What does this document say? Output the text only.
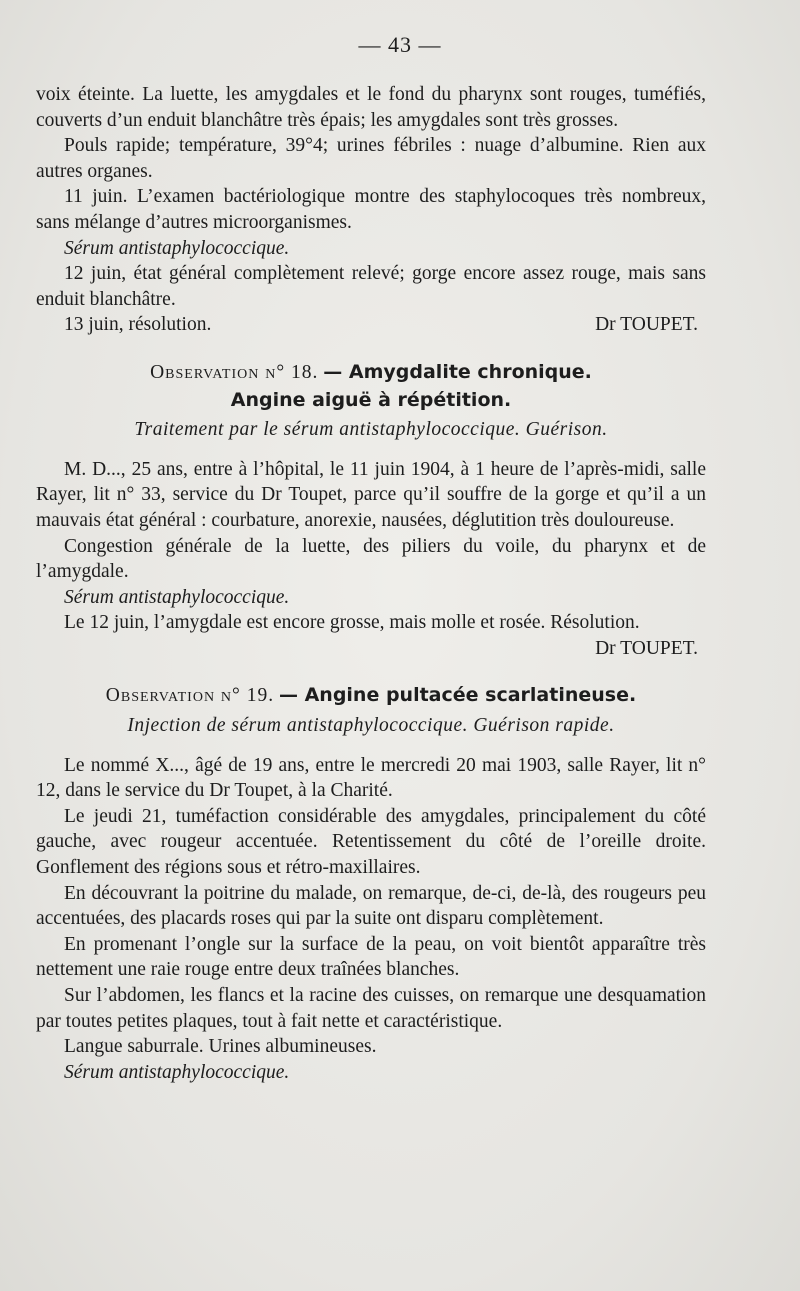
— 43 —

voix éteinte. La luette, les amygdales et le fond du pharynx sont rouges, tuméfiés, couverts d’un enduit blanchâtre très épais; les amygdales sont très grosses.

Pouls rapide; température, 39°4; urines fébriles : nuage d’albumine. Rien aux autres organes.

11 juin. L’examen bactériologique montre des staphylocoques très nombreux, sans mélange d’autres microorganismes.

Sérum antistaphylococcique.

12 juin, état général complètement relevé; gorge encore assez rouge, mais sans enduit blanchâtre.

13 juin, résolution.	Dr TOUPET.
Observation n° 18. — Amygdalite chronique.
Angine aiguë à répétition.
Traitement par le sérum antistaphylococcique. Guérison.

M. D..., 25 ans, entre à l’hôpital, le 11 juin 1904, à 1 heure de l’après-midi, salle Rayer, lit n° 33, service du Dr Toupet, parce qu’il souffre de la gorge et qu’il a un mauvais état général : courbature, anorexie, nausées, déglutition très douloureuse.

Congestion générale de la luette, des piliers du voile, du pharynx et de l’amygdale.

Sérum antistaphylococcique.

Le 12 juin, l’amygdale est encore grosse, mais molle et rosée. Résolution.

Dr TOUPET.
Observation n° 19. — Angine pultacée scarlatineuse.
Injection de sérum antistaphylococcique. Guérison rapide.

Le nommé X..., âgé de 19 ans, entre le mercredi 20 mai 1903, salle Rayer, lit n° 12, dans le service du Dr Toupet, à la Charité.

Le jeudi 21, tuméfaction considérable des amygdales, principalement du côté gauche, avec rougeur accentuée. Retentissement du côté de l’oreille droite. Gonflement des régions sous et rétro-maxillaires.

En découvrant la poitrine du malade, on remarque, de-ci, de-là, des rougeurs peu accentuées, des placards roses qui par la suite ont disparu complètement.

En promenant l’ongle sur la surface de la peau, on voit bientôt apparaître très nettement une raie rouge entre deux traînées blanches.

Sur l’abdomen, les flancs et la racine des cuisses, on remarque une desquamation par toutes petites plaques, tout à fait nette et caractéristique.

Langue saburrale. Urines albumineuses.

Sérum antistaphylococcique.
